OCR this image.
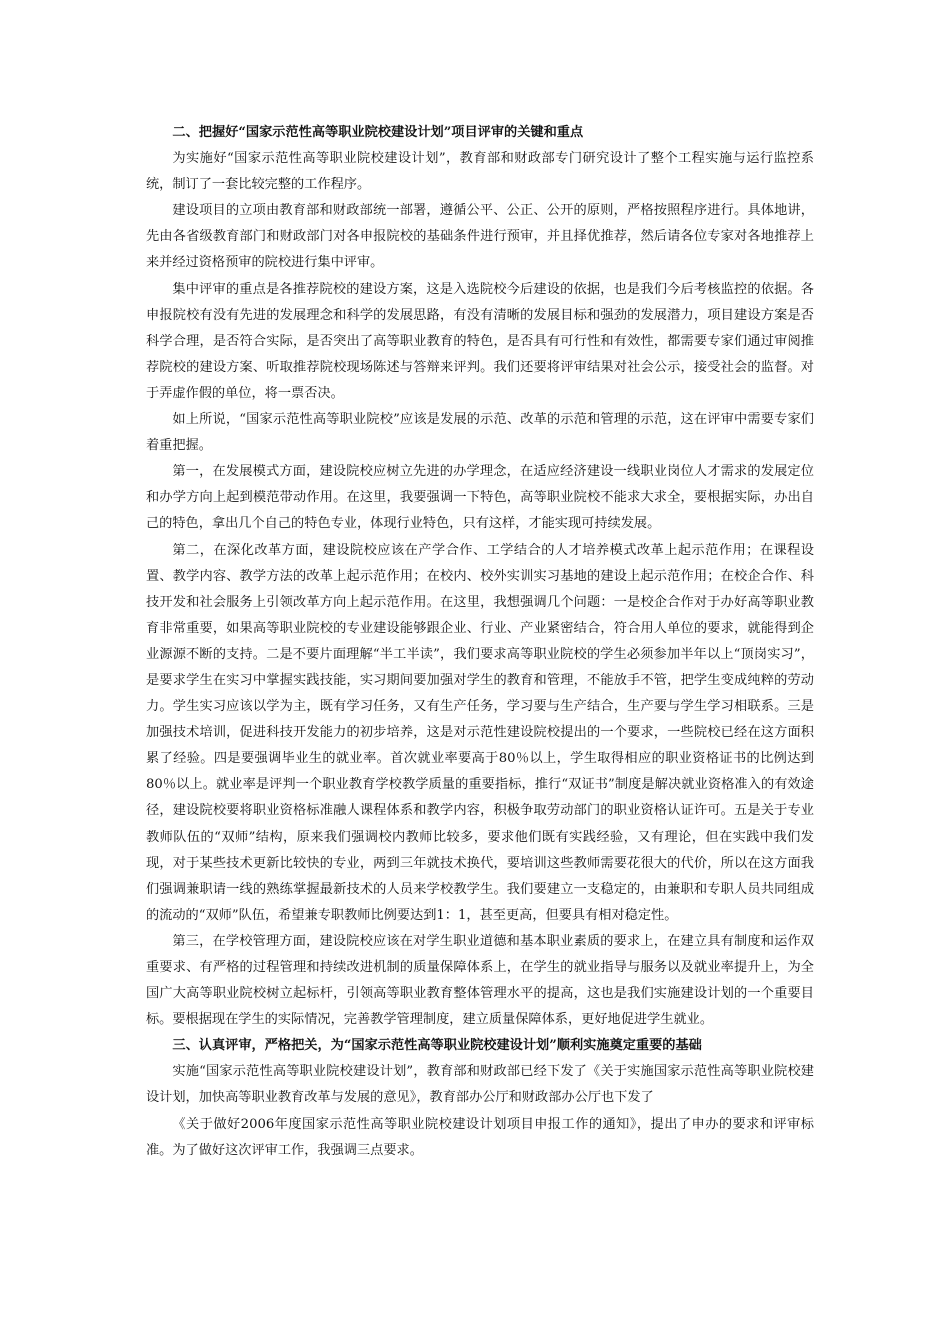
二、把握好“国家示范性高等职业院校建设计划”项目评审的关键和重点

为实施好“国家示范性高等职业院校建设计划”，教育部和财政部专门研究设计了整个工程实施与运行监控系统，制订了一套比较完整的工作程序。

建设项目的立项由教育部和财政部统一部署，遵循公平、公正、公开的原则，严格按照程序进行。具体地讲，先由各省级教育部门和财政部门对各申报院校的基础条件进行预审，并且择优推荐，然后请各位专家对各地推荐上来并经过资格预审的院校进行集中评审。

集中评审的重点是各推荐院校的建设方案，这是入选院校今后建设的依据，也是我们今后考核监控的依据。各申报院校有没有先进的发展理念和科学的发展思路，有没有清晰的发展目标和强劲的发展潜力，项目建设方案是否科学合理，是否符合实际，是否突出了高等职业教育的特色，是否具有可行性和有效性，都需要专家们通过审阅推荐院校的建设方案、听取推荐院校现场陈述与答辩来评判。我们还要将评审结果对社会公示，接受社会的监督。对于弄虚作假的单位，将一票否决。

如上所说，“国家示范性高等职业院校”应该是发展的示范、改革的示范和管理的示范，这在评审中需要专家们着重把握。

第一，在发展模式方面，建设院校应树立先进的办学理念，在适应经济建设一线职业岗位人才需求的发展定位和办学方向上起到模范带动作用。在这里，我要强调一下特色，高等职业院校不能求大求全，要根据实际，办出自己的特色，拿出几个自己的特色专业，体现行业特色，只有这样，才能实现可持续发展。

第二，在深化改革方面，建设院校应该在产学合作、工学结合的人才培养模式改革上起示范作用；在课程设置、教学内容、教学方法的改革上起示范作用；在校内、校外实训实习基地的建设上起示范作用；在校企合作、科技开发和社会服务上引领改革方向上起示范作用。在这里，我想强调几个问题：一是校企合作对于办好高等职业教育非常重要，如果高等职业院校的专业建设能够跟企业、行业、产业紧密结合，符合用人单位的要求，就能得到企业源源不断的支持。二是不要片面理解“半工半读”，我们要求高等职业院校的学生必须参加半年以上“顶岗实习”，是要求学生在实习中掌握实践技能，实习期间要加强对学生的教育和管理，不能放手不管，把学生变成纯粹的劳动力。学生实习应该以学为主，既有学习任务，又有生产任务，学习要与生产结合，生产要与学生学习相联系。三是加强技术培训，促进科技开发能力的初步培养，这是对示范性建设院校提出的一个要求，一些院校已经在这方面积累了经验。四是要强调毕业生的就业率。首次就业率要高于80％以上，学生取得相应的职业资格证书的比例达到80％以上。就业率是评判一个职业教育学校教学质量的重要指标，推行“双证书”制度是解决就业资格准入的有效途径，建设院校要将职业资格标准融人课程体系和教学内容，积极争取劳动部门的职业资格认证许可。五是关于专业教师队伍的“双师”结构，原来我们强调校内教师比较多，要求他们既有实践经验，又有理论，但在实践中我们发现，对于某些技术更新比较快的专业，两到三年就技术换代，要培训这些教师需要花很大的代价，所以在这方面我们强调兼职请一线的熟练掌握最新技术的人员来学校教学生。我们要建立一支稳定的，由兼职和专职人员共同组成的流动的“双师”队伍，希望兼专职教师比例要达到1：1，甚至更高，但要具有相对稳定性。

第三，在学校管理方面，建设院校应该在对学生职业道德和基本职业素质的要求上，在建立具有制度和运作双重要求、有严格的过程管理和持续改进机制的质量保障体系上，在学生的就业指导与服务以及就业率提升上，为全国广大高等职业院校树立起标杆，引领高等职业教育整体管理水平的提高，这也是我们实施建设计划的一个重要目标。要根据现在学生的实际情况，完善教学管理制度，建立质量保障体系，更好地促进学生就业。

三、认真评审，严格把关，为“国家示范性高等职业院校建设计划”顺利实施奠定重要的基础

实施“国家示范性高等职业院校建设计划”，教育部和财政部已经下发了《关于实施国家示范性高等职业院校建设计划，加快高等职业教育改革与发展的意见》，教育部办公厅和财政部办公厅也下发了

《关于做好2006年度国家示范性高等职业院校建设计划项目申报工作的通知》，提出了申办的要求和评审标准。为了做好这次评审工作，我强调三点要求。
